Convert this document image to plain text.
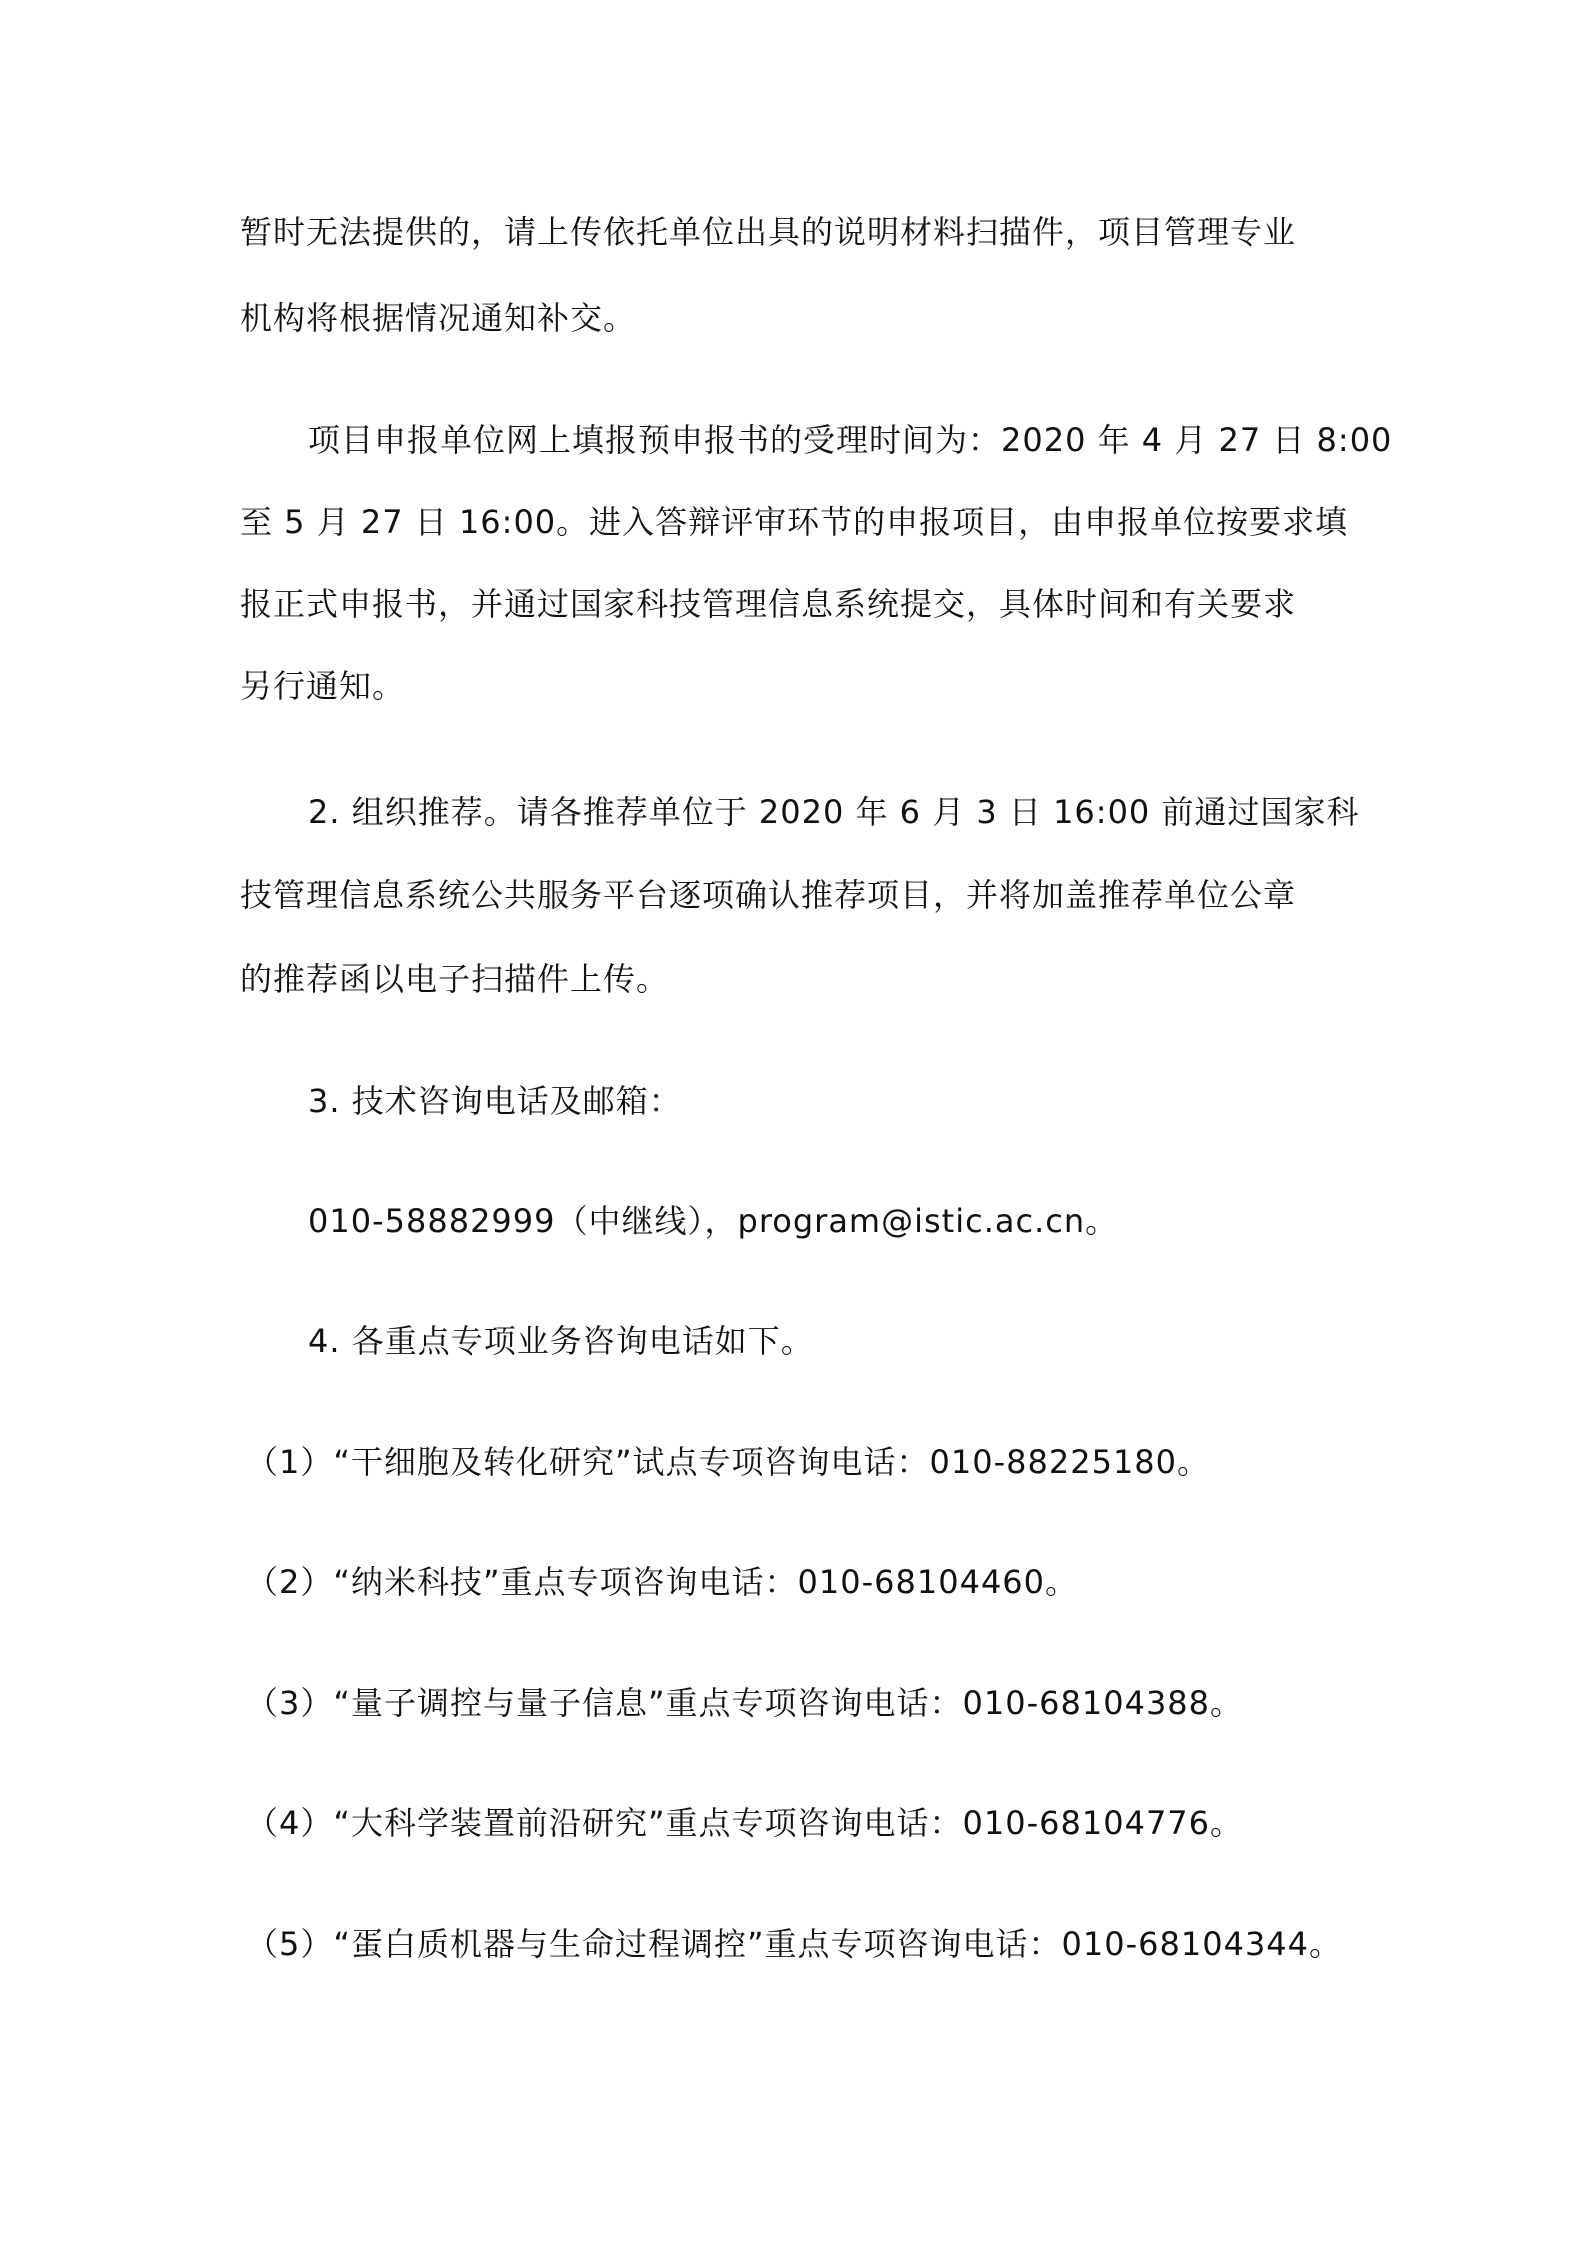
暂时无法提供的，请上传依托单位出具的说明材料扫描件，项目管理专业

机构将根据情况通知补交。

项目申报单位网上填报预申报书的受理时间为：2020 年 4 月 27 日 8:00

至 5 月 27 日 16:00。进入答辩评审环节的申报项目，由申报单位按要求填

报正式申报书，并通过国家科技管理信息系统提交，具体时间和有关要求

另行通知。

2. 组织推荐。请各推荐单位于 2020 年 6 月 3 日 16:00 前通过国家科

技管理信息系统公共服务平台逐项确认推荐项目，并将加盖推荐单位公章

的推荐函以电子扫描件上传。

3. 技术咨询电话及邮箱：

010-58882999（中继线），program@istic.ac.cn。

4. 各重点专项业务咨询电话如下。

（1）“干细胞及转化研究”试点专项咨询电话：010-88225180。

（2）“纳米科技”重点专项咨询电话：010-68104460。

（3）“量子调控与量子信息”重点专项咨询电话：010-68104388。

（4）“大科学装置前沿研究”重点专项咨询电话：010-68104776。

（5）“蛋白质机器与生命过程调控”重点专项咨询电话：010-68104344。
